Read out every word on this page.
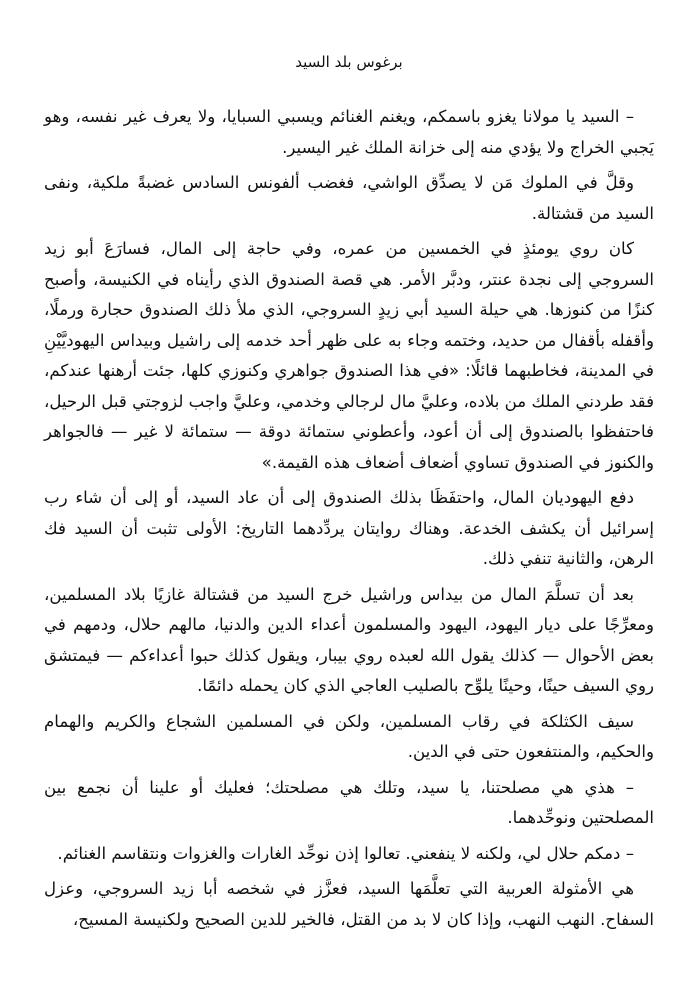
برغوس بلد السيد

– السيد يا مولانا يغزو باسمكم، ويغنم الغنائم ويسبي السبايا، ولا يعرف غير نفسه، وهو يَجبي الخراج ولا يؤدي منه إلى خزانة الملك غير اليسير.

وقلَّ في الملوك مَن لا يصدِّق الواشي، فغضب ألفونس السادس غضبةً ملكية، ونفى السيد من قشتالة.

كان روي يومئذٍ في الخمسين من عمره، وفي حاجة إلى المال، فسارَعَ أبو زيد السروجي إلى نجدة عنتر، ودبَّر الأمر. هي قصة الصندوق الذي رأيناه في الكنيسة، وأصبح كنزًا من كنوزها. هي حيلة السيد أبي زيدٍ السروجي، الذي ملأ ذلك الصندوق حجارة ورملًا، وأقفله بأقفال من حديد، وختمه وجاء به على ظهر أحد خدمه إلى راشيل وبيداس اليهوديَّيْنِ في المدينة، فخاطبهما قائلًا: «في هذا الصندوق جواهري وكنوزي كلها، جئت أرهنها عندكم، فقد طردني الملك من بلاده، وعليَّ مال لرجالي وخدمي، وعليَّ واجب لزوجتي قبل الرحيل، فاحتفظوا بالصندوق إلى أن أعود، وأعطوني ستمائة دوقة — ستمائة لا غير — فالجواهر والكنوز في الصندوق تساوي أضعاف أضعاف هذه القيمة.»

دفع اليهوديان المال، واحتفَظَا بذلك الصندوق إلى أن عاد السيد، أو إلى أن شاء رب إسرائيل أن يكشف الخدعة. وهناك روايتان يردِّدهما التاريخ: الأولى تثبت أن السيد فك الرهن، والثانية تنفي ذلك.

بعد أن تسلَّمَ المال من بيداس وراشيل خرج السيد من قشتالة غازيًا بلاد المسلمين، ومعرِّجًا على ديار اليهود، اليهود والمسلمون أعداء الدين والدنيا، مالهم حلال، ودمهم في بعض الأحوال — كذلك يقول الله لعبده روي بيبار، ويقول كذلك حبوا أعداءكم — فيمتشق روي السيف حينًا، وحينًا يلوِّح بالصليب العاجي الذي كان يحمله دائمًا.

سيف الكثلكة في رقاب المسلمين، ولكن في المسلمين الشجاع والكريم والهمام والحكيم، والمنتفعون حتى في الدين.

– هذي هي مصلحتنا، يا سيد، وتلك هي مصلحتك؛ فعليك أو علينا أن نجمع بين المصلحتين ونوحِّدهما.

– دمكم حلال لي، ولكنه لا ينفعني. تعالوا إذن نوحِّد الغارات والغزوات ونتقاسم الغنائم.

هي الأمثولة العربية التي تعلَّمَها السيد، فعزَّز في شخصه أبا زيد السروجي، وعزل السفاح. النهب النهب، وإذا كان لا بد من القتل، فالخير للدين الصحيح ولكنيسة المسيح،
